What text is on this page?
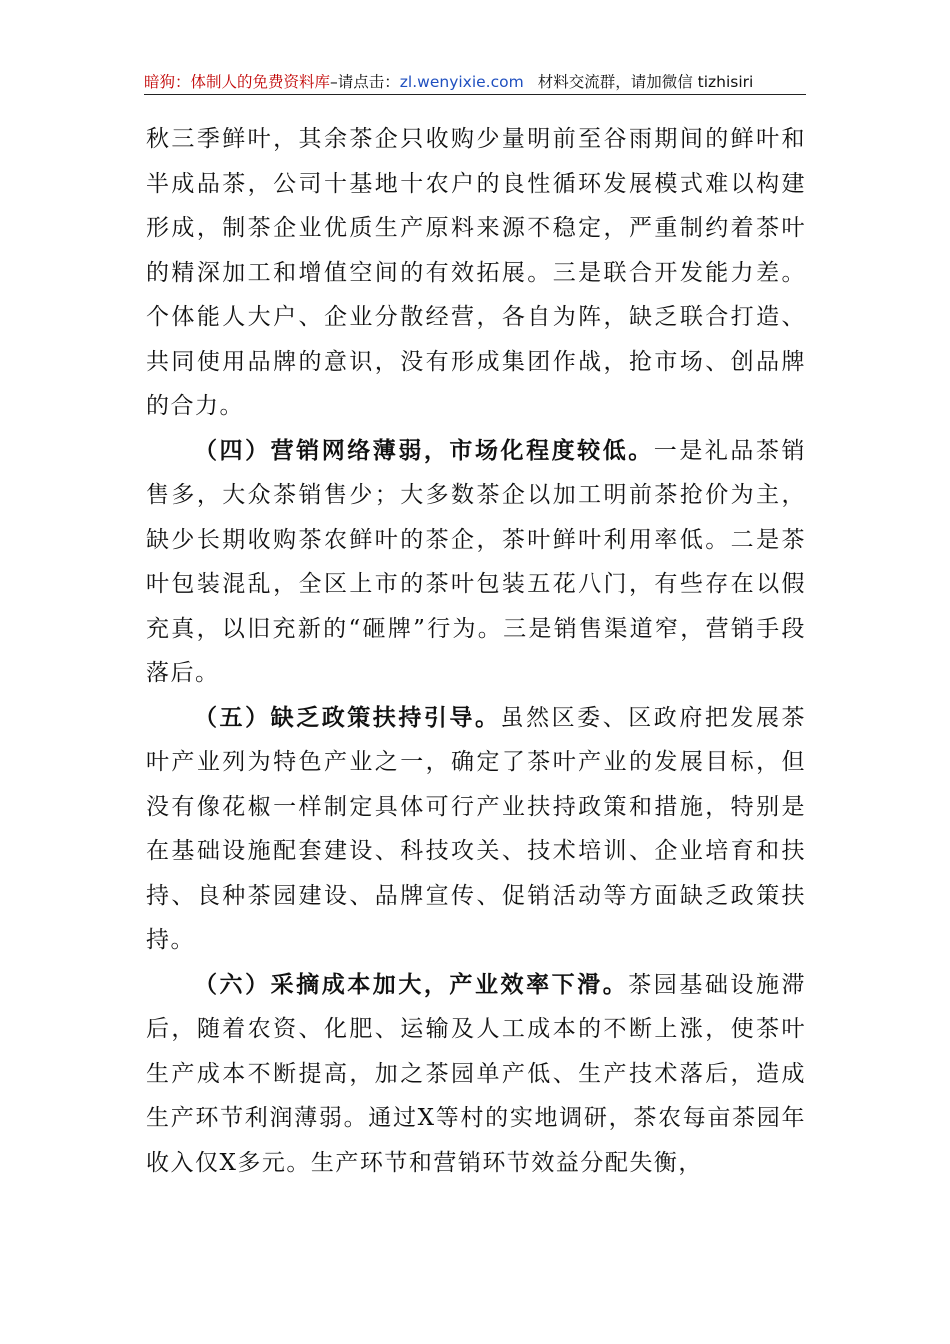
暗狗：体制人的免费资料库 –请点击： zl.wenyixie.com 材料交流群，请加微信 tizhisiri

秋三季鲜叶，其余茶企只收购少量明前至谷雨期间的鲜叶和半成品茶，公司十基地十农户的良性循环发展模式难以构建形成，制茶企业优质生产原料来源不稳定，严重制约着茶叶的精深加工和增值空间的有效拓展。三是联合开发能力差。个体能人大户、企业分散经营，各自为阵，缺乏联合打造、共同使用品牌的意识，没有形成集团作战，抢市场、创品牌的合力。

（四）营销网络薄弱，市场化程度较低。一是礼品茶销售多，大众茶销售少；大多数茶企以加工明前茶抢价为主，缺少长期收购茶农鲜叶的茶企，茶叶鲜叶利用率低。二是茶叶包装混乱，全区上市的茶叶包装五花八门，有些存在以假充真，以旧充新的“砸牌”行为。三是销售渠道窄，营销手段落后。

（五）缺乏政策扶持引导。虽然区委、区政府把发展茶叶产业列为特色产业之一，确定了茶叶产业的发展目标，但没有像花椒一样制定具体可行产业扶持政策和措施，特别是在基础设施配套建设、科技攻关、技术培训、企业培育和扶持、良种茶园建设、品牌宣传、促销活动等方面缺乏政策扶持。

（六）采摘成本加大，产业效率下滑。茶园基础设施滞后，随着农资、化肥、运输及人工成本的不断上涨，使茶叶生产成本不断提高，加之茶园单产低、生产技术落后，造成生产环节利润薄弱。通过X等村的实地调研，茶农每亩茶园年收入仅X多元。生产环节和营销环节效益分配失衡，
